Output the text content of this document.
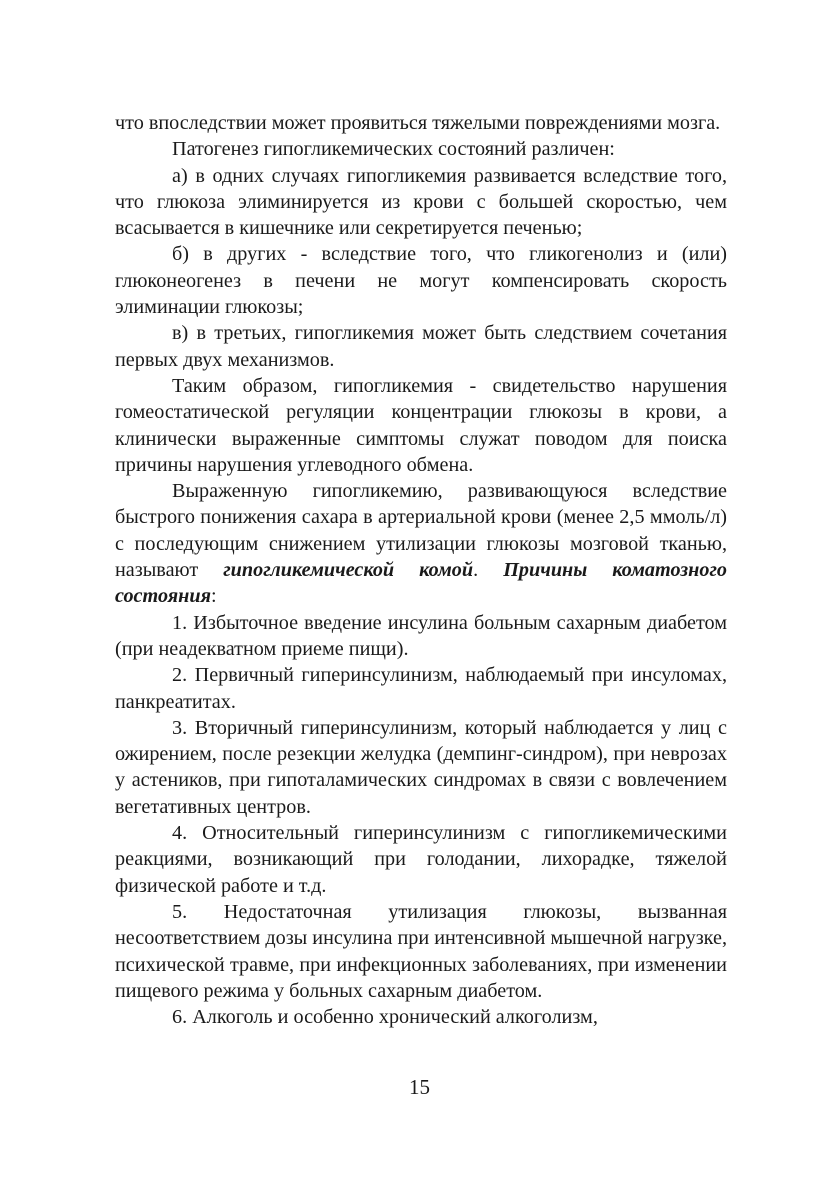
что впоследствии может проявиться тяжелыми повреждениями мозга.

Патогенез гипогликемических состояний различен:

а) в одних случаях гипогликемия развивается вследствие того, что глюкоза элиминируется из крови с большей скоростью, чем всасывается в кишечнике или секретируется печенью;

б) в других - вследствие того, что гликогенолиз и (или) глюконеогенез в печени не могут компенсировать скорость элиминации глюкозы;

в) в третьих, гипогликемия может быть следствием сочетания первых двух механизмов.

Таким образом, гипогликемия - свидетельство нарушения гомеостатической регуляции концентрации глюкозы в крови, а клинически выраженные симптомы служат поводом для поиска причины нарушения углеводного обмена.

Выраженную гипогликемию, развивающуюся вследствие быстрого понижения сахара в артериальной крови (менее 2,5 ммоль/л) с последующим снижением утилизации глюкозы мозговой тканью, называют гипогликемической комой. Причины коматозного состояния:

1. Избыточное введение инсулина больным сахарным диабетом (при неадекватном приеме пищи).

2. Первичный гиперинсулинизм, наблюдаемый при инсуломах, панкреатитах.

3. Вторичный гиперинсулинизм, который наблюдается у лиц с ожирением, после резекции желудка (демпинг-синдром), при неврозах у астеников, при гипоталамических синдромах в связи с вовлечением вегетативных центров.

4. Относительный гиперинсулинизм с гипогликемическими реакциями, возникающий при голодании, лихорадке, тяжелой физической работе и т.д.

5. Недостаточная утилизация глюкозы, вызванная несоответствием дозы инсулина при интенсивной мышечной нагрузке, психической травме, при инфекционных заболеваниях, при изменении пищевого режима у больных сахарным диабетом.

6. Алкоголь и особенно хронический алкоголизм,

15
